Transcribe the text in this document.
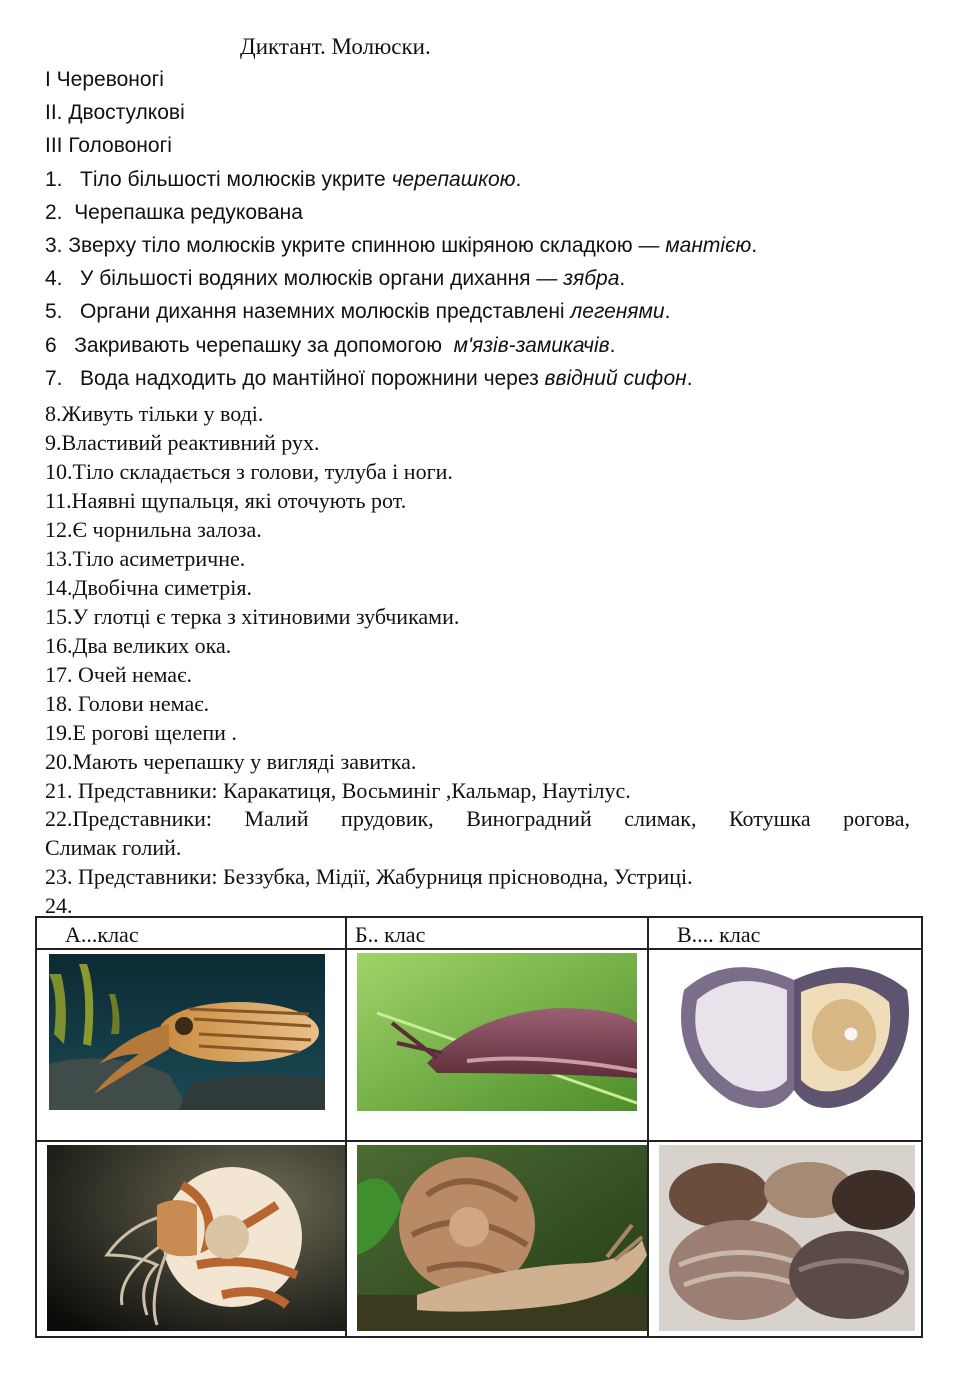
Диктант. Молюски.
І Черевоногі
ІІ. Двостулкові
ІІІ Головоногі
1. Тіло більшості молюсків укрите черепашкою.
2. Черепашка редукована
3. Зверху тіло молюсків укрите спинною шкіряною складкою — мантією.
4. У більшості водяних молюсків органи дихання — зябра.
5. Органи дихання наземних молюсків представлені легенями.
6 Закривають черепашку за допомогою  м'язів-замикачів.
7. Вода надходить до мантійної порожнини через ввідний сифон.
8.Живуть тільки у воді.
9.Властивий реактивний рух.
10.Тіло складається з голови, тулуба і ноги.
11.Наявні щупальця, які оточують рот.
12.Є чорнильна залоза.
13.Тіло асиметричне.
14.Двобічна симетрія.
15.У глотці є терка з хітиновими зубчиками.
16.Два великих ока.
17. Очей немає.
18. Голови немає.
19.Е рогові щелепи .
20.Мають черепашку у вигляді завитка.
21. Представники: Каракатиця, Восьминіг ,Кальмар, Наутілус.
22.Представники: Малий прудовик, Виноградний слимак, Котушка рогова,
Слимак голий.
23. Представники: Беззубка, Мідії, Жабурниця прісноводна, Устриці.
24.
А...клас	Б.. клас	В.... клас
